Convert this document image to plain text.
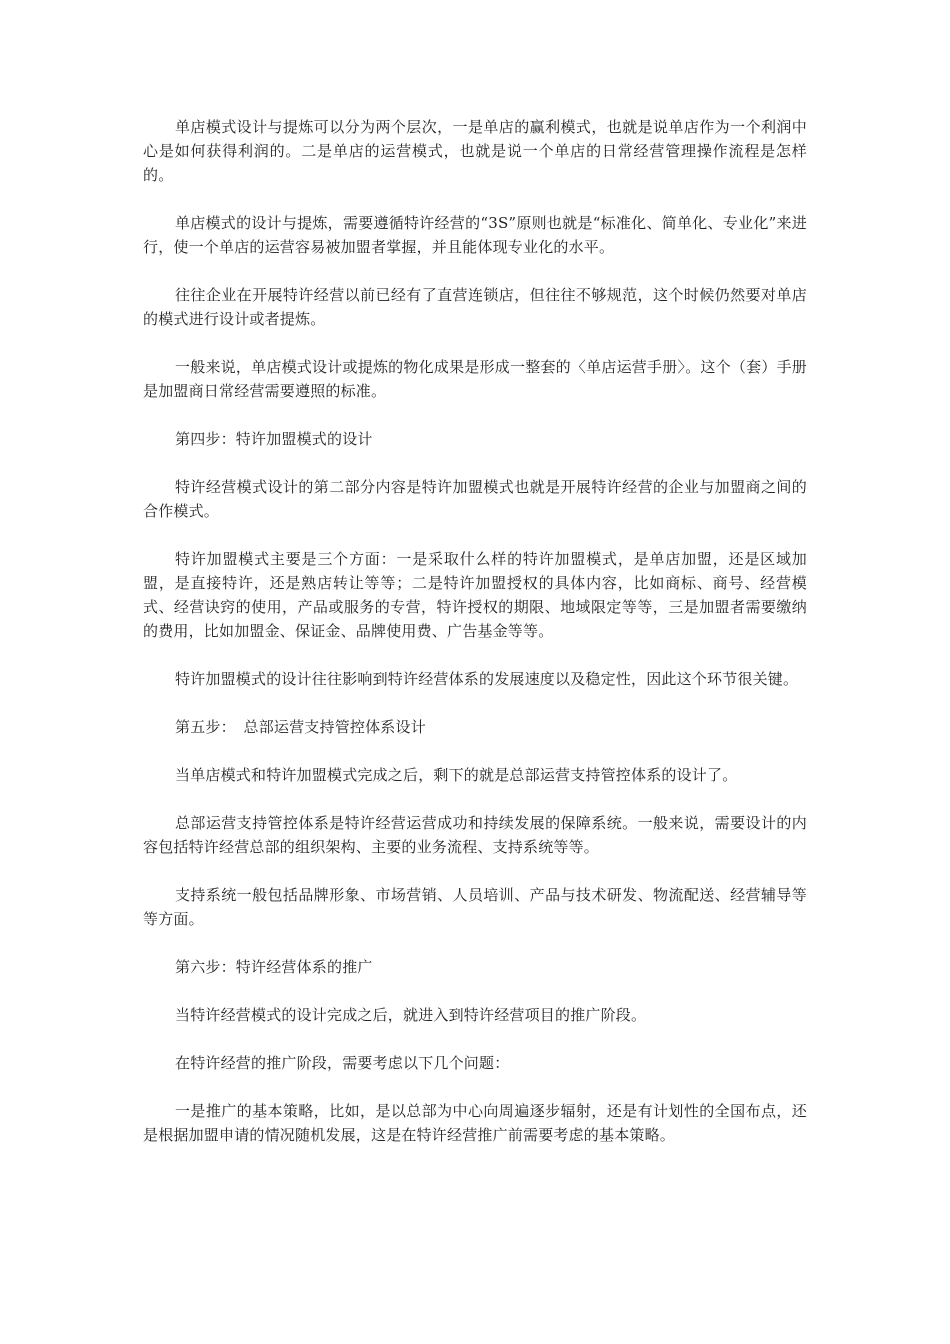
单店模式设计与提炼可以分为两个层次，一是单店的赢利模式，也就是说单店作为一个利润中心是如何获得利润的。二是单店的运营模式，也就是说一个单店的日常经营管理操作流程是怎样的。

单店模式的设计与提炼，需要遵循特许经营的“3S”原则也就是“标准化、简单化、专业化”来进行，使一个单店的运营容易被加盟者掌握，并且能体现专业化的水平。

往往企业在开展特许经营以前已经有了直营连锁店，但往往不够规范，这个时候仍然要对单店的模式进行设计或者提炼。

一般来说，单店模式设计或提炼的物化成果是形成一整套的〈单店运营手册〉。这个（套）手册是加盟商日常经营需要遵照的标准。

第四步：特许加盟模式的设计

特许经营模式设计的第二部分内容是特许加盟模式也就是开展特许经营的企业与加盟商之间的合作模式。

特许加盟模式主要是三个方面：一是采取什么样的特许加盟模式，是单店加盟，还是区域加盟，是直接特许，还是熟店转让等等；二是特许加盟授权的具体内容，比如商标、商号、经营模式、经营诀窍的使用，产品或服务的专营，特许授权的期限、地域限定等等，三是加盟者需要缴纳的费用，比如加盟金、保证金、品牌使用费、广告基金等等。

特许加盟模式的设计往往影响到特许经营体系的发展速度以及稳定性，因此这个环节很关键。

第五步：　总部运营支持管控体系设计

当单店模式和特许加盟模式完成之后，剩下的就是总部运营支持管控体系的设计了。

总部运营支持管控体系是特许经营运营成功和持续发展的保障系统。一般来说，需要设计的内容包括特许经营总部的组织架构、主要的业务流程、支持系统等等。

支持系统一般包括品牌形象、市场营销、人员培训、产品与技术研发、物流配送、经营辅导等等方面。

第六步：特许经营体系的推广

当特许经营模式的设计完成之后，就进入到特许经营项目的推广阶段。

在特许经营的推广阶段，需要考虑以下几个问题：

一是推广的基本策略，比如，是以总部为中心向周遍逐步辐射，还是有计划性的全国布点，还是根据加盟申请的情况随机发展，这是在特许经营推广前需要考虑的基本策略。
